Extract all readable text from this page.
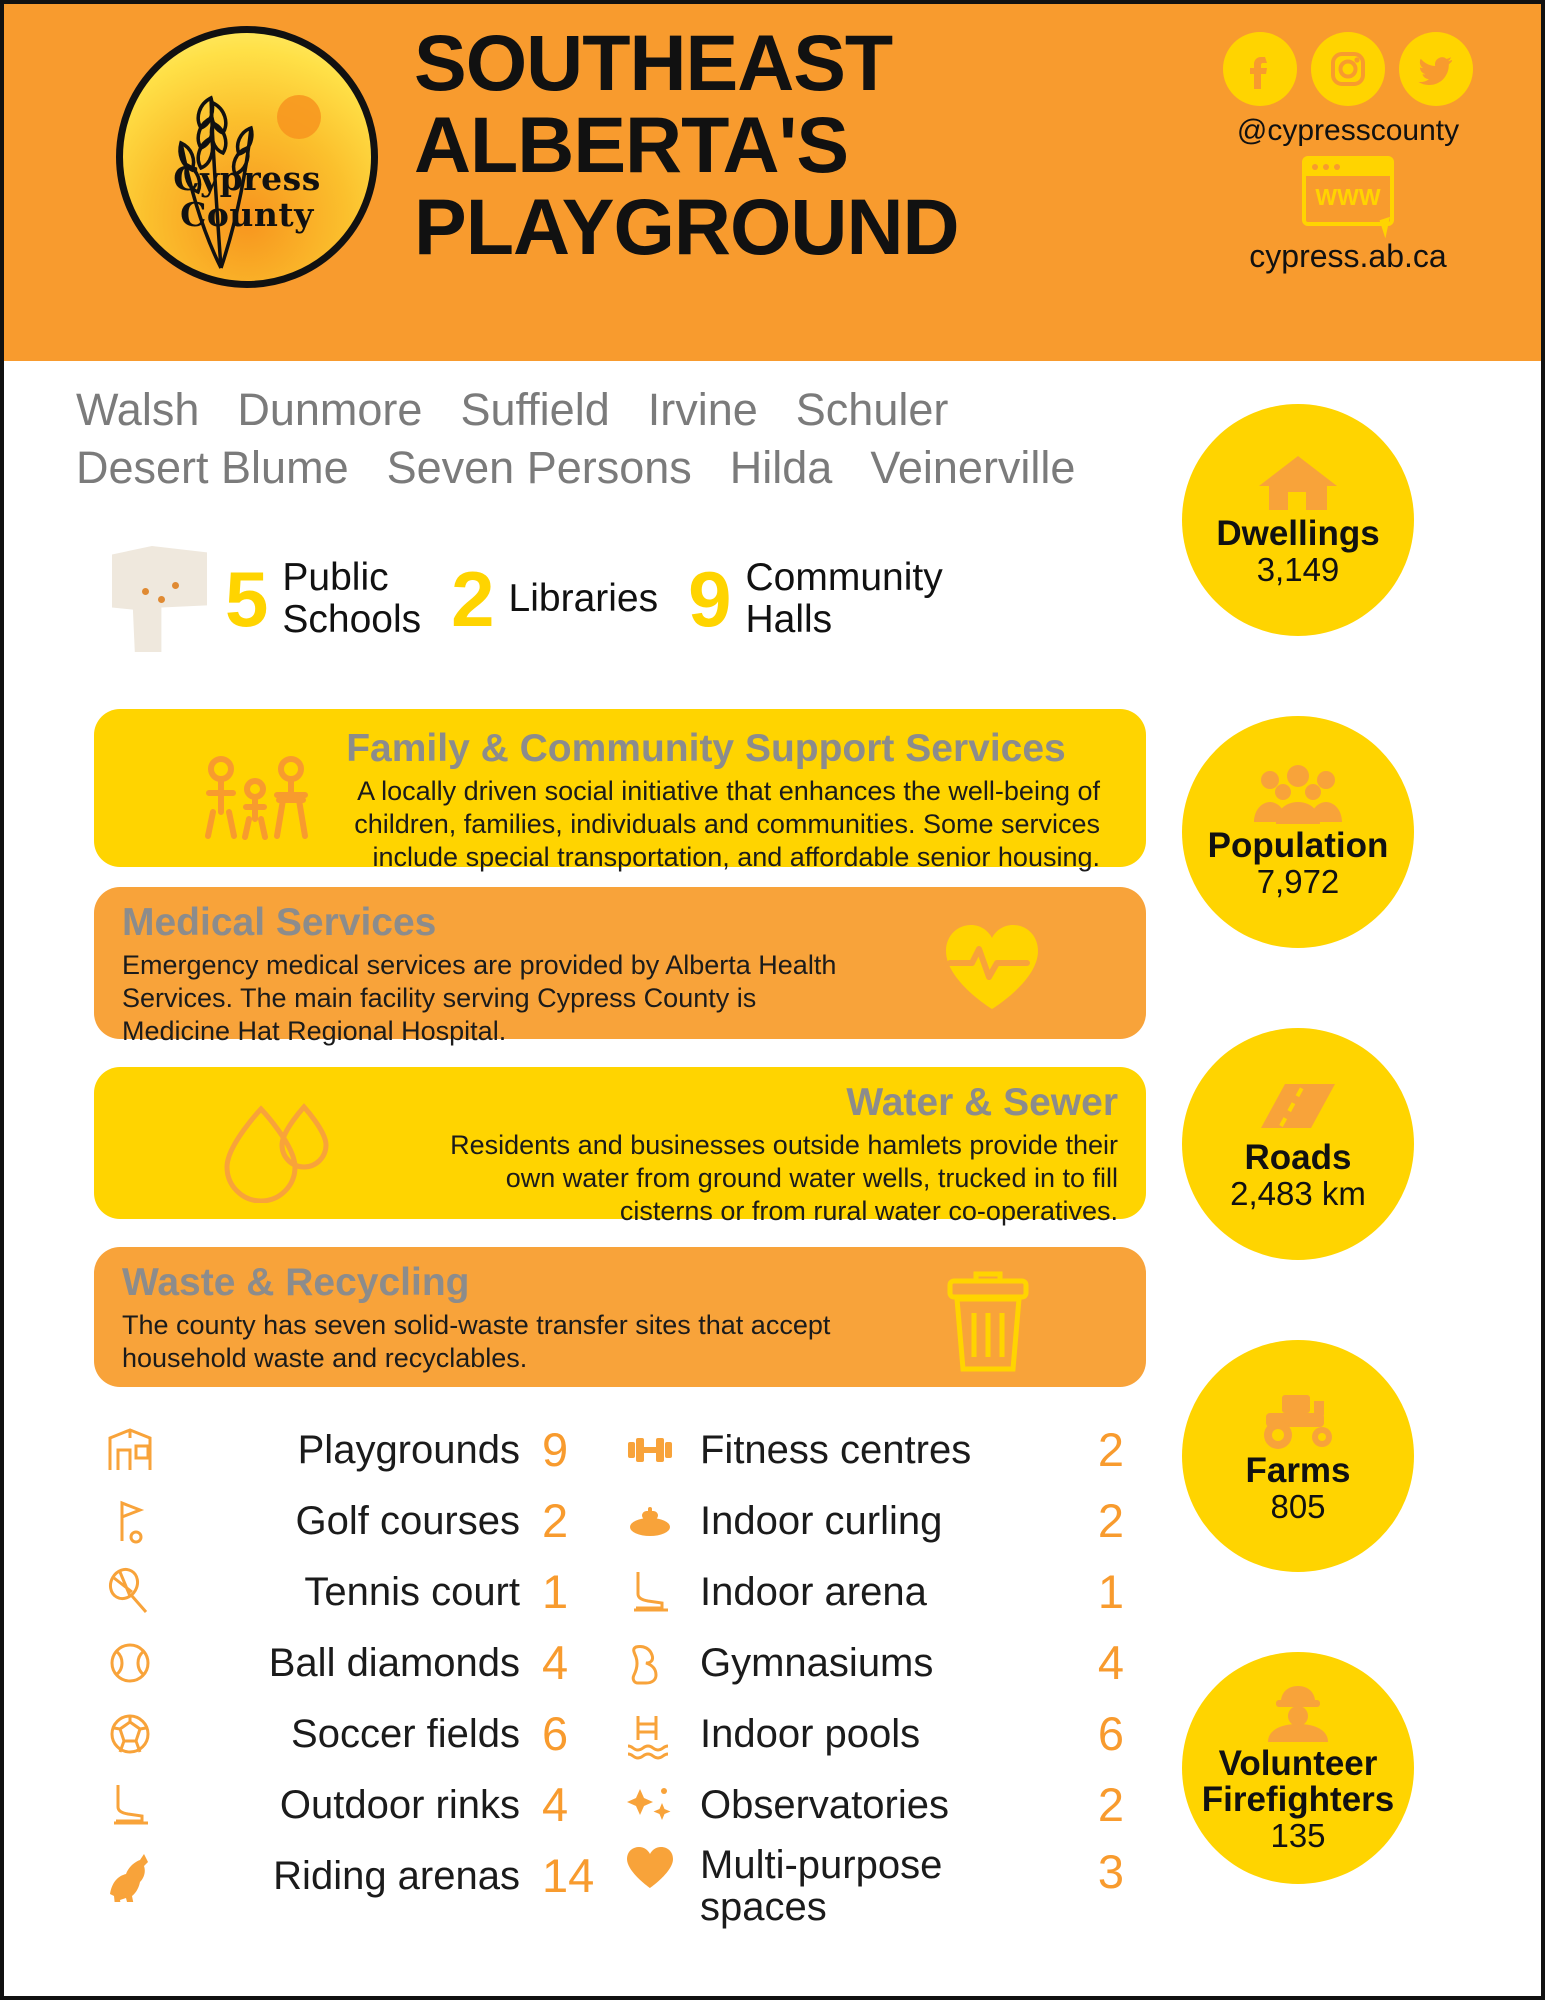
Cypress
County
SOUTHEAST ALBERTA'S PLAYGROUND
@cypresscounty
WWW
cypress.ab.ca
Walsh Dunmore Suffield Irvine Schuler
Desert Blume Seven Persons Hilda Veinerville
5 Public
Schools 2 Libraries 9 Community
Halls
Family & Community Support Services

A locally driven social initiative that enhances the well-being of children, families, individuals and communities. Some services include special transportation, and affordable senior housing.

Medical Services

Emergency medical services are provided by Alberta Health Services. The main facility serving Cypress County is Medicine Hat Regional Hospital.

Water & Sewer

Residents and businesses outside hamlets provide their own water from ground water wells, trucked in to fill cisterns or from rural water co-operatives.

Waste & Recycling

The county has seven solid-waste transfer sites that accept household waste and recyclables.

Playgrounds 9
Golf courses 2
Tennis court 1
Ball diamonds 4
Soccer fields 6
Outdoor rinks 4
Riding arenas 14
Fitness centres	2
Indoor curling	2
Indoor arena	1
Gymnasiums	4
Indoor pools	6
Observatories	2
Multi-purpose spaces
3
Dwellings
3,149
Population
7,972
Roads
2,483 km
Farms
805
Volunteer
Firefighters
135
